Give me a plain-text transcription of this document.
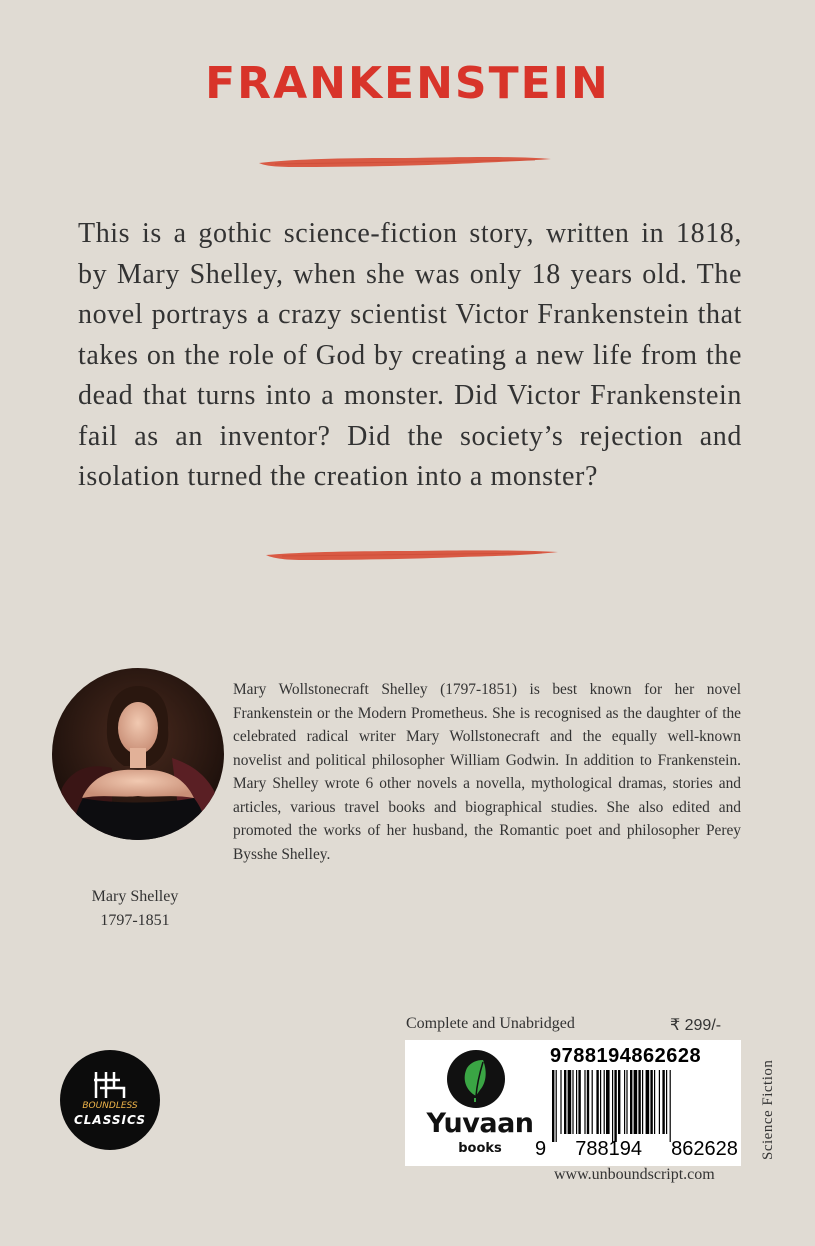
FRANKENSTEIN

This is a gothic science-fiction story, written in 1818, by Mary Shelley, when she was only 18 years old. The novel portrays a crazy scientist Victor Frankenstein that takes on the role of God by creating a new life from the dead that turns into a monster. Did Victor Frankenstein fail as an inventor? Did the society’s rejection and isolation turned the creation into a monster?

Mary Shelley
1797-1851

Mary Wollstonecraft Shelley (1797-1851) is best known for her novel Frankenstein or the Modern Prometheus. She is recognised as the daughter of the celebrated radical writer Mary Wollstonecraft and the equally well-known novelist and political philosopher William Godwin. In addition to Frankenstein. Mary Shelley wrote 6 other novels a novella, mythological dramas, stories and articles, various travel books and biographical studies. She also edited and promoted the works of her husband, the Romantic poet and philosopher Perey Bysshe Shelley.

BOUNDLESS
CLASSICS
Complete and Unabridged	₹ 299/-
Yuvaan
books
9788194862628
9 788194 862628 Science Fiction
www.unboundscript.com
